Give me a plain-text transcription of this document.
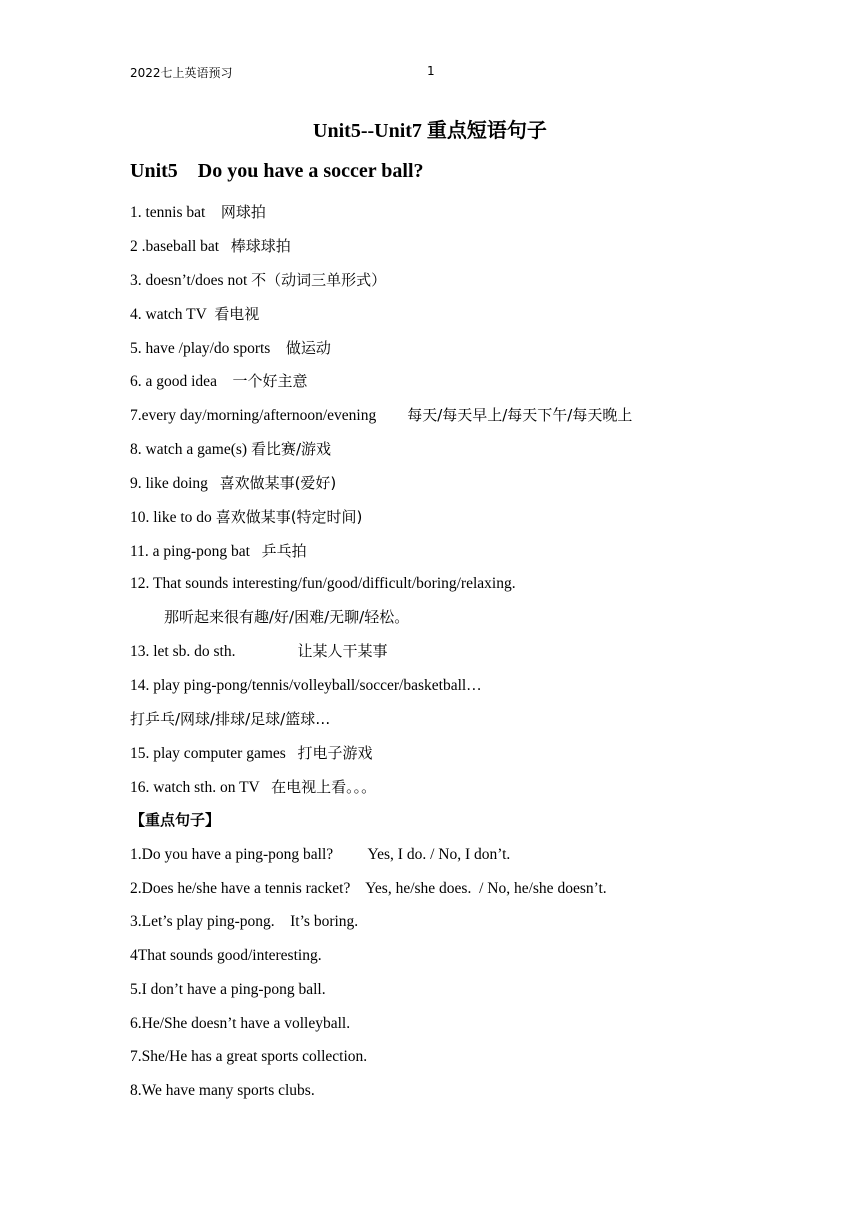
2022七上英语预习	1
Unit5--Unit7 重点短语句子
Unit5    Do you have a soccer ball?
1. tennis bat 网球拍
2 .baseball bat 棒球球拍
3. doesn’t/does not 不（动词三单形式）
4. watch TV 看电视
5. have /play/do sports 做运动
6. a good idea 一个好主意
7.every day/morning/afternoon/evening 每天/每天早上/每天下午/每天晚上
8. watch a game(s) 看比赛/游戏
9. like doing 喜欢做某事(爱好)
10. like to do 喜欢做某事(特定时间)
11. a ping-pong bat 乒乓拍
12. That sounds interesting/fun/good/difficult/boring/relaxing.
那听起来很有趣/好/困难/无聊/轻松。
13. let sb. do sth.	让某人干某事
14. play ping-pong/tennis/volleyball/soccer/basketball…
打乒乓/网球/排球/足球/篮球…
15. play computer games 打电子游戏
16. watch sth. on TV 在电视上看。。。
【重点句子】
1.Do you have a ping-pong ball?         Yes, I do. / No, I don’t.
2.Does he/she have a tennis racket?    Yes, he/she does.  / No, he/she doesn’t.
3.Let’s play ping-pong.    It’s boring.
4That sounds good/interesting.
5.I don’t have a ping-pong ball.
6.He/She doesn’t have a volleyball.
7.She/He has a great sports collection.
8.We have many sports clubs.
